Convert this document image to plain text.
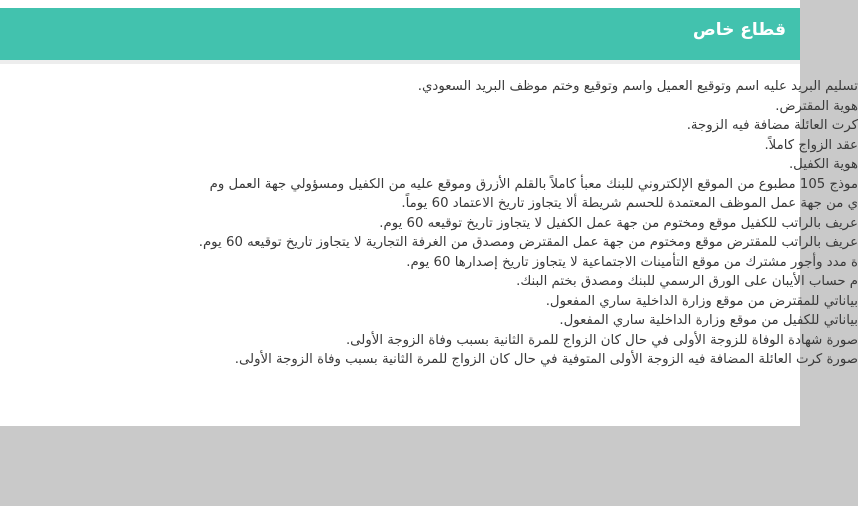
قطاع خاص
تسليم البريد عليه اسم وتوقيع العميل واسم وتوقيع وختم موظف البريد السعودي.
هوية المقترض.
كرت العائلة مضافة فيه الزوجة.
عقد الزواج كاملاً.
هوية الكفيل.
موذج 105 مطبوع من الموقع الإلكتروني للبنك معبأ كاملاً بالقلم الأزرق وموقع عليه من الكفيل ومسؤولي جهة العمل وم
ي من جهة عمل الموظف المعتمدة للحسم شريطة ألا يتجاوز تاريخ الاعتماد 60 يوماً.
عريف بالراتب للكفيل موقع ومختوم من جهة عمل الكفيل لا يتجاوز تاريخ توقيعه 60 يوم.
عريف بالراتب للمقترض موقع ومختوم من جهة عمل المقترض ومصدق من الغرفة التجارية لا يتجاوز تاريخ توقيعه 60 يوم.
ة مدد وأجور مشترك من موقع التأمينات الاجتماعية لا يتجاوز تاريخ إصدارها 60 يوم.
م حساب الأيبان على الورق الرسمي للبنك ومصدق بختم البنك.
بياناتي للمقترض من موقع وزارة الداخلية ساري المفعول.
بياناتي للكفيل من موقع وزارة الداخلية ساري المفعول.
صورة شهادة الوفاة للزوجة الأولى في حال كان الزواج للمرة الثانية بسبب وفاة الزوجة الأولى.
صورة كرت العائلة المضافة فيه الزوجة الأولى المتوفية في حال كان الزواج للمرة الثانية بسبب وفاة الزوجة الأولى.
